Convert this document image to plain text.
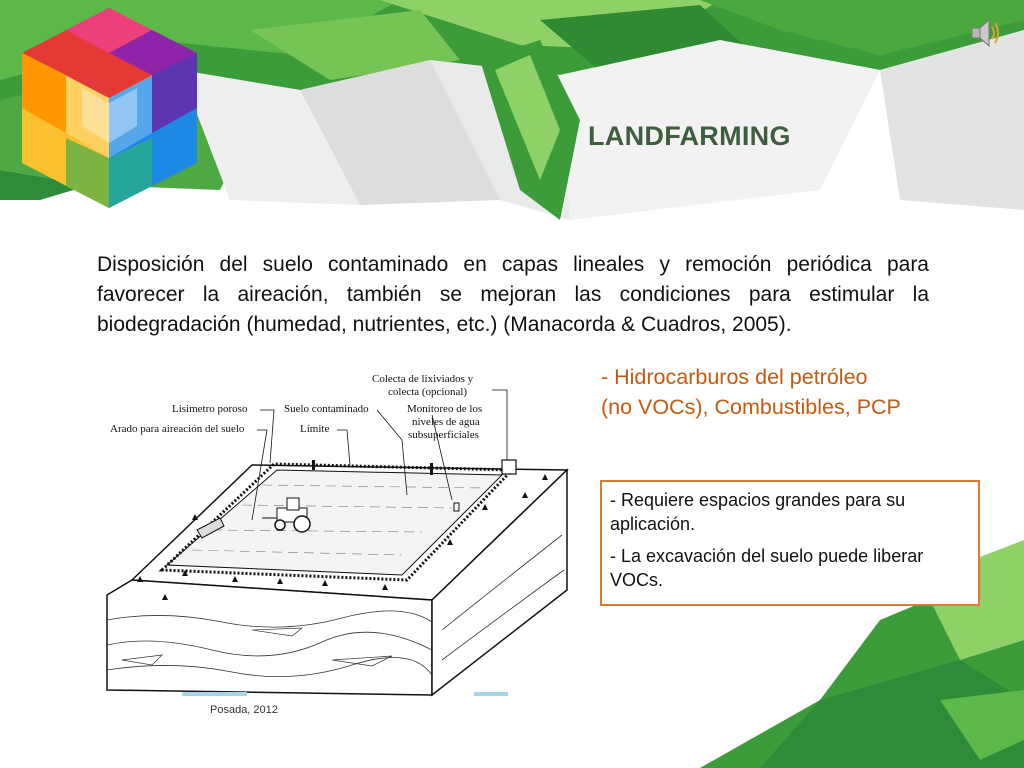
LANDFARMING
Disposición del suelo contaminado en capas lineales y remoción periódica para favorecer la aireación, también se mejoran las condiciones para estimular la biodegradación (humedad, nutrientes, etc.) (Manacorda & Cuadros, 2005).
- Hidrocarburos del petróleo
(no VOCs), Combustibles, PCP

- Requiere espacios grandes para su aplicación.

- La excavación del suelo puede liberar VOCs.

Colecta de lixiviados y
colecta (opcional)
Lisimetro poroso	Suelo contaminado	Monitoreo de los
niveles de agua
subsuperficiales
Arado para aireación del suelo	Límite
Posada, 2012
